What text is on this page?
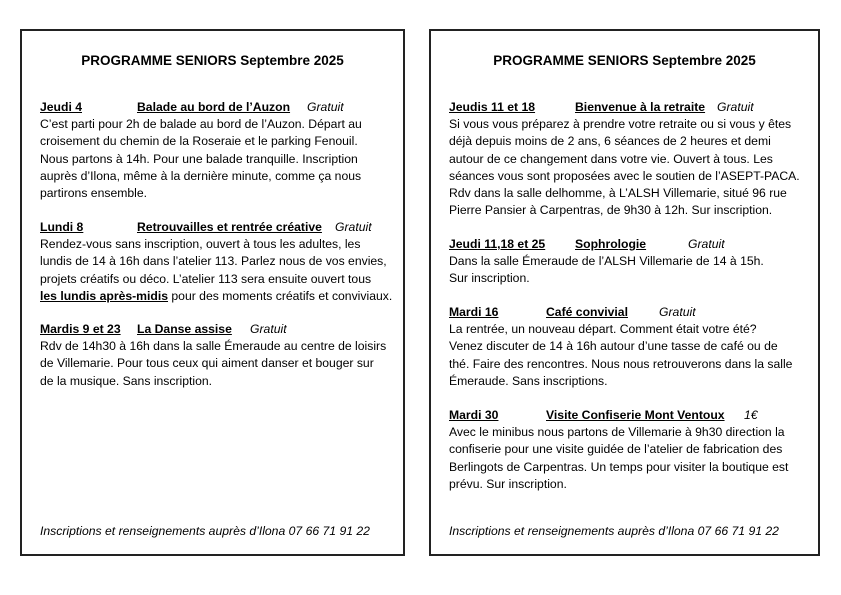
PROGRAMME SENIORS Septembre 2025
Jeudi 4	Balade au bord de l’Auzon Gratuit

C’est parti pour 2h de balade au bord de l’Auzon. Départ au

croisement du chemin de la Roseraie et le parking Fenouil.

Nous partons à 14h. Pour une balade tranquille. Inscription

auprès d’Ilona, même à la dernière minute, comme ça nous

partirons ensemble.

Lundi 8	Retrouvailles et rentrée créative Gratuit

Rendez-vous sans inscription, ouvert à tous les adultes, les

lundis de 14 à 16h dans l’atelier 113. Parlez nous de vos envies,

projets créatifs ou déco. L’atelier 113 sera ensuite ouvert tous

les lundis après-midis pour des moments créatifs et conviviaux.

Mardis 9 et 23 La Danse assise Gratuit

Rdv de 14h30 à 16h dans la salle Émeraude au centre de loisirs

de Villemarie. Pour tous ceux qui aiment danser et bouger sur

de la musique. Sans inscription.

Inscriptions et renseignements auprès d’Ilona 07 66 71 91 22
PROGRAMME SENIORS Septembre 2025
Jeudis 11 et 18	Bienvenue à la retraite Gratuit

Si vous vous préparez à prendre votre retraite ou si vous y êtes

déjà depuis moins de 2 ans, 6 séances de 2 heures et demi

autour de ce changement dans votre vie. Ouvert à tous. Les

séances vous sont proposées avec le soutien de l’ASEPT-PACA.

Rdv dans la salle delhomme, à L’ALSH Villemarie, situé 96 rue

Pierre Pansier à Carpentras, de 9h30 à 12h. Sur inscription.

Jeudi 11,18 et 25 Sophrologie	Gratuit

Dans la salle Émeraude de l’ALSH Villemarie de 14 à 15h.

Sur inscription.

Mardi 16	Café convivial	Gratuit

La rentrée, un nouveau départ. Comment était votre été?

Venez discuter de 14 à 16h autour d’une tasse de café ou de

thé. Faire des rencontres. Nous nous retrouverons dans la salle

Émeraude. Sans inscriptions.

Mardi 30	Visite Confiserie Mont Ventoux 1€

Avec le minibus nous partons de Villemarie à 9h30 direction la

confiserie pour une visite guidée de l’atelier de fabrication des

Berlingots de Carpentras. Un temps pour visiter la boutique est

prévu. Sur inscription.

Inscriptions et renseignements auprès d’Ilona 07 66 71 91 22
